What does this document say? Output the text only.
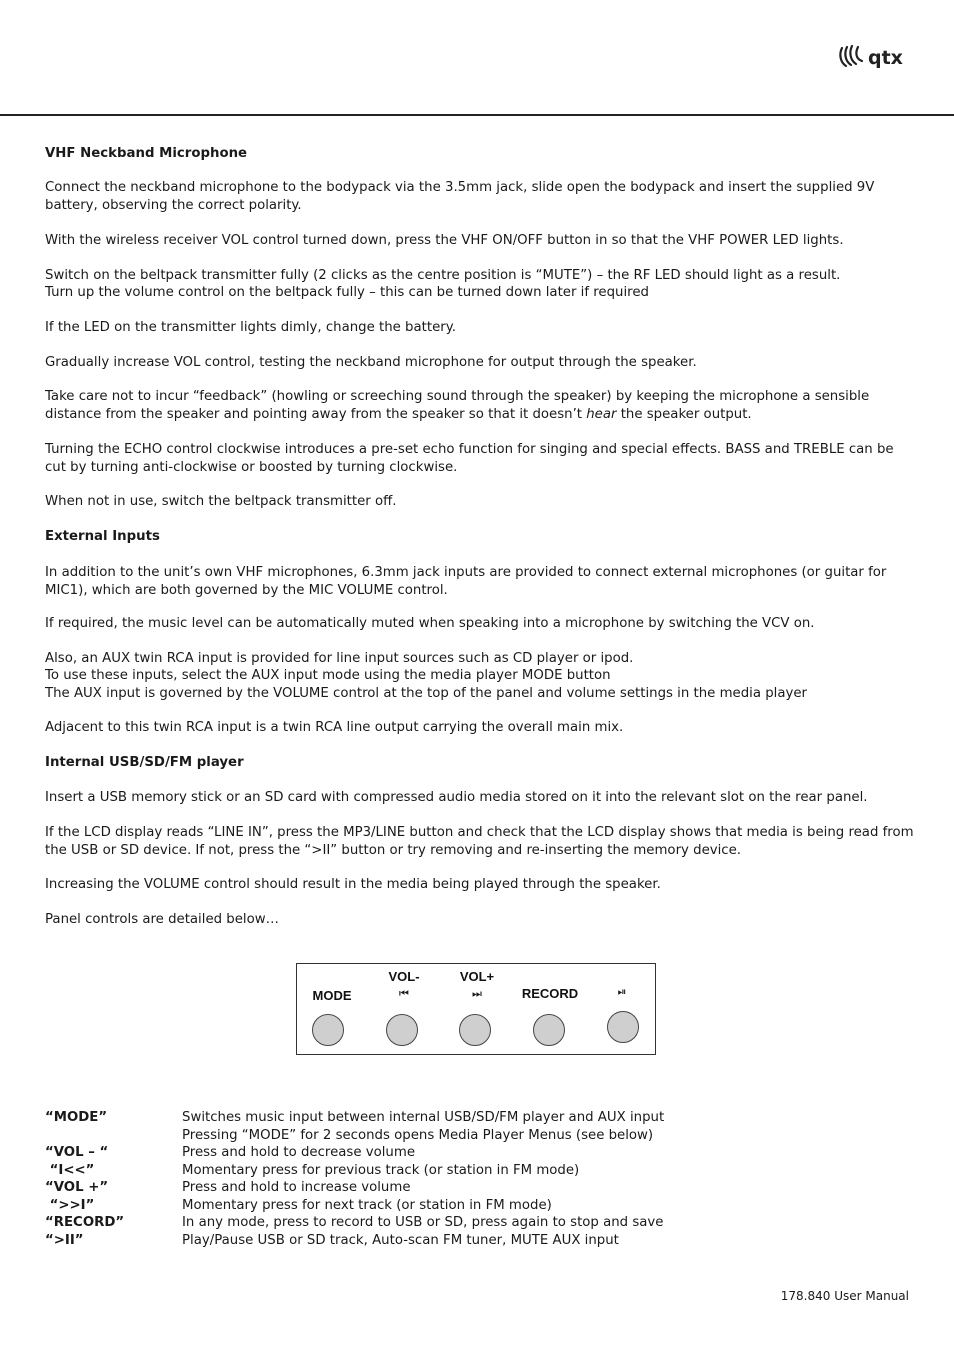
qtx

VHF Neckband Microphone

Connect the neckband microphone to the bodypack via the 3.5mm jack, slide open the bodypack and insert the supplied 9V battery, observing the correct polarity.

With the wireless receiver VOL control turned down, press the VHF ON/OFF button in so that the VHF POWER LED lights.

Switch on the beltpack transmitter fully (2 clicks as the centre position is “MUTE”) – the RF LED should light as a result.

Turn up the volume control on the beltpack fully – this can be turned down later if required

If the LED on the transmitter lights dimly, change the battery.

Gradually increase VOL control, testing the neckband microphone for output through the speaker.

Take care not to incur “feedback” (howling or screeching sound through the speaker) by keeping the microphone a sensible distance from the speaker and pointing away from the speaker so that it doesn’t hear the speaker output.

Turning the ECHO control clockwise introduces a pre-set echo function for singing and special effects. BASS and TREBLE can be cut by turning anti-clockwise or boosted by turning clockwise.

When not in use, switch the beltpack transmitter off.

External Inputs

In addition to the unit’s own VHF microphones, 6.3mm jack inputs are provided to connect external microphones (or guitar for MIC1), which are both governed by the MIC VOLUME control.

If required, the music level can be automatically muted when speaking into a microphone by switching the VCV on.

Also, an AUX twin RCA input is provided for line input sources such as CD player or ipod.

To use these inputs, select the AUX input mode using the media player MODE button

The AUX input is governed by the VOLUME control at the top of the panel and volume settings in the media player

Adjacent to this twin RCA input is a twin RCA line output carrying the overall main mix.

Internal USB/SD/FM player

Insert a USB memory stick or an SD card with compressed audio media stored on it into the relevant slot on the rear panel.

If the LCD display reads “LINE IN”, press the MP3/LINE button and check that the LCD display shows that media is being read from the USB or SD device. If not, press the “>II” button or try removing and re-inserting the memory device.

Increasing the VOLUME control should result in the media being played through the speaker.

Panel controls are detailed below…

MODE
VOL-
⏮
VOL+
⏭	RECORD	⏯
“MODE”	Switches music input between internal USB/SD/FM player and AUX input
Pressing “MODE” for 2 seconds opens Media Player Menus (see below)
“VOL – “	Press and hold to decrease volume
“I<<”	Momentary press for previous track (or station in FM mode)
“VOL +”	Press and hold to increase volume
“>>I”	Momentary press for next track (or station in FM mode)
“RECORD”	In any mode, press to record to USB or SD, press again to stop and save
“>II”	Play/Pause USB or SD track, Auto-scan FM tuner, MUTE AUX input
178.840 User Manual
